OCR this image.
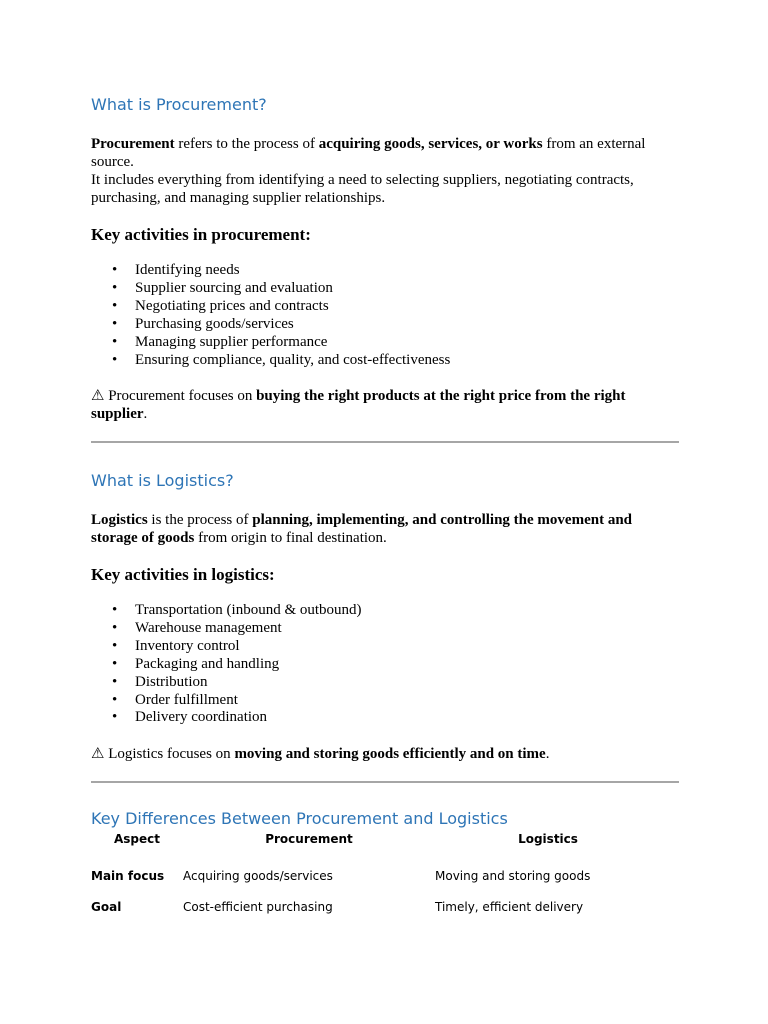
What is Procurement?
Procurement refers to the process of acquiring goods, services, or works from an external source.
It includes everything from identifying a need to selecting suppliers, negotiating contracts, purchasing, and managing supplier relationships.
Key activities in procurement:
• Identifying needs
• Supplier sourcing and evaluation
• Negotiating prices and contracts
• Purchasing goods/services
• Managing supplier performance
• Ensuring compliance, quality, and cost-effectiveness
⚠ Procurement focuses on buying the right products at the right price from the right supplier.
What is Logistics?
Logistics is the process of planning, implementing, and controlling the movement and storage of goods from origin to final destination.
Key activities in logistics:
• Transportation (inbound & outbound)
• Warehouse management
• Inventory control
• Packaging and handling
• Distribution
• Order fulfillment
• Delivery coordination
⚠ Logistics focuses on moving and storing goods efficiently and on time.
Key Differences Between Procurement and Logistics
Aspect	Procurement	Logistics
Main focus	Acquiring goods/services	Moving and storing goods
Goal	Cost-efficient purchasing	Timely, efficient delivery
